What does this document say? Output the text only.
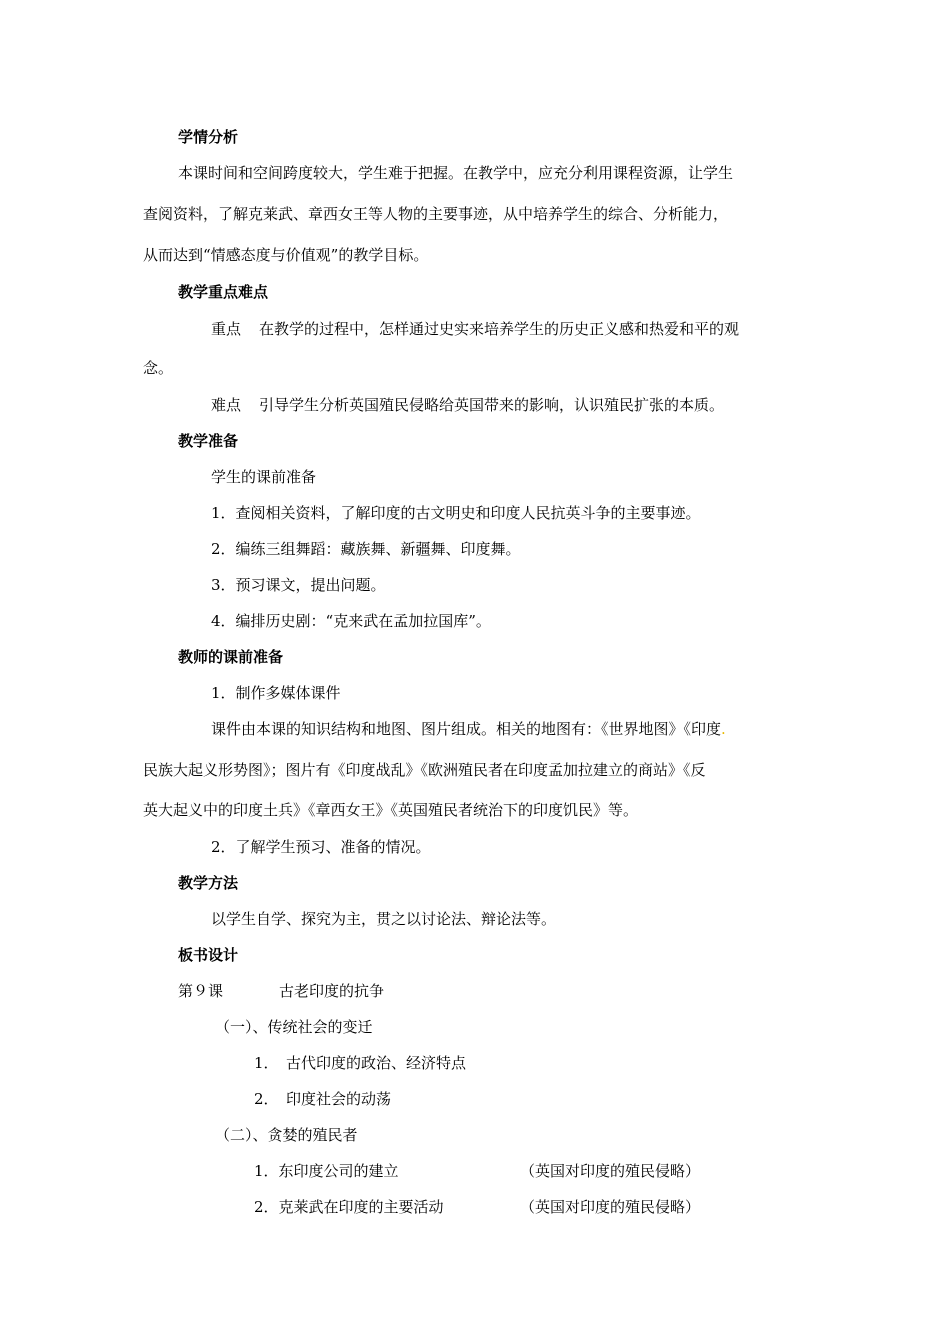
学情分析
本课时间和空间跨度较大，学生难于把握。在教学中，应充分利用课程资源，让学生
查阅资料，了解克莱武、章西女王等人物的主要事迹，从中培养学生的综合、分析能力，
从而达到“情感态度与价值观”的教学目标。
教学重点难点
重点 在教学的过程中，怎样通过史实来培养学生的历史正义感和热爱和平的观
念。
难点 引导学生分析英国殖民侵略给英国带来的影响，认识殖民扩张的本质。
教学准备
学生的课前准备
1．查阅相关资料，了解印度的古文明史和印度人民抗英斗争的主要事迹。
2．编练三组舞蹈：藏族舞、新疆舞、印度舞。
3．预习课文，提出问题。
4．编排历史剧：“克来武在孟加拉国库”。
教师的课前准备
1．制作多媒体课件
课件由本课的知识结构和地图、图片组成。相关的地图有：《世界地图》《印度.
民族大起义形势图》；图片有《印度战乱》《欧洲殖民者在印度孟加拉建立的商站》《反
英大起义中的印度土兵》《章西女王》《英国殖民者统治下的印度饥民》等。
2．了解学生预习、准备的情况。
教学方法
以学生自学、探究为主，贯之以讨论法、辩论法等。
板书设计
第９课	古老印度的抗争
（一）、传统社会的变迁
1．　古代印度的政治、经济特点
2．　印度社会的动荡
（二）、贪婪的殖民者
1．东印度公司的建立	（英国对印度的殖民侵略）
2．克莱武在印度的主要活动	（英国对印度的殖民侵略）
